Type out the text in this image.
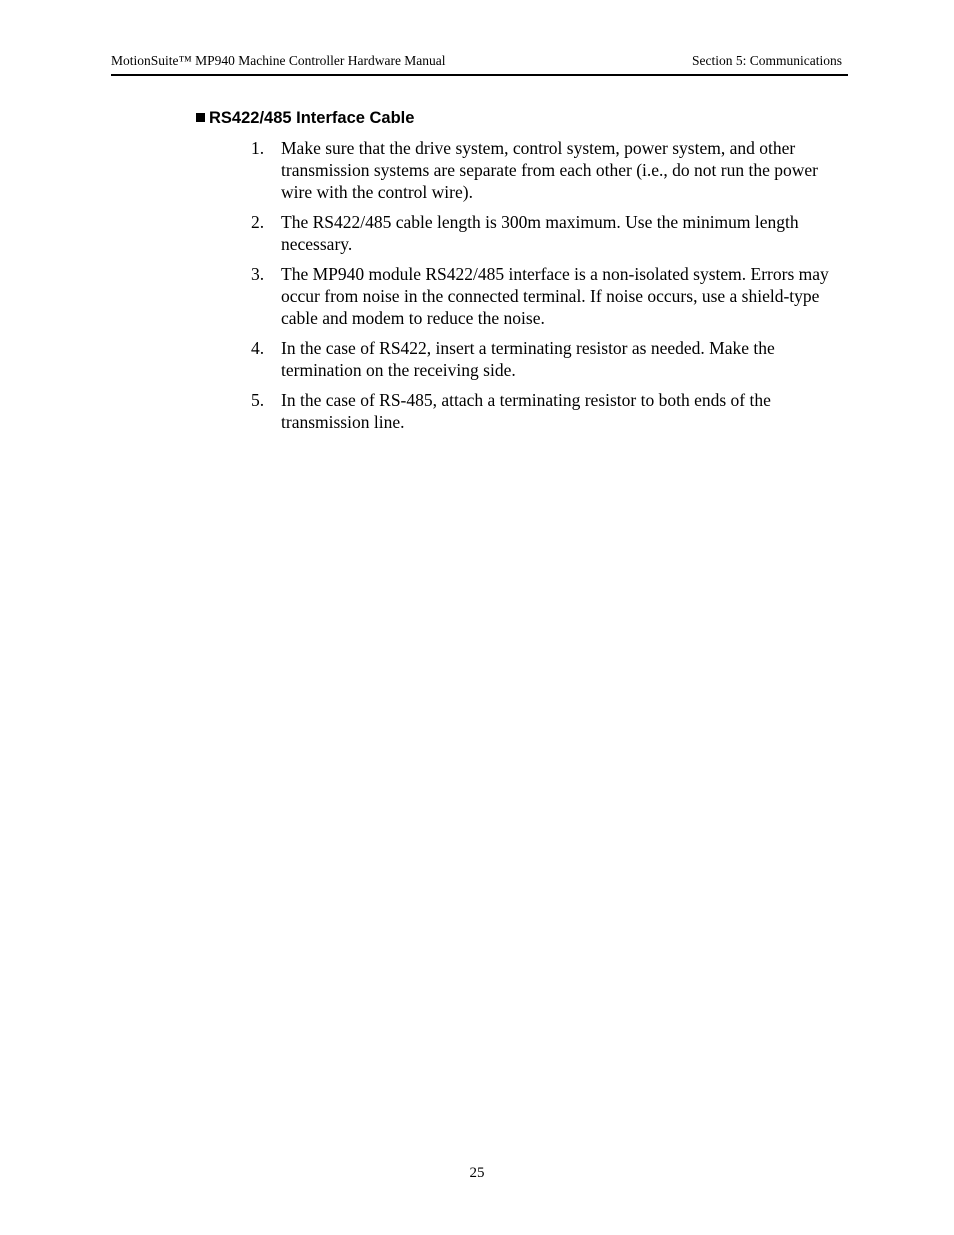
MotionSuite™ MP940 Machine Controller Hardware Manual	Section 5: Communications
RS422/485 Interface Cable
1. Make sure that the drive system, control system, power system, and other transmission systems are separate from each other (i.e., do not run the power wire with the control wire).
2. The RS422/485 cable length is 300m maximum. Use the minimum length necessary.
3. The MP940 module RS422/485 interface is a non-isolated system. Errors may occur from noise in the connected terminal. If noise occurs, use a shield-type cable and modem to reduce the noise.
4. In the case of RS422, insert a terminating resistor as needed. Make the termination on the receiving side.
5. In the case of RS-485, attach a terminating resistor to both ends of the transmission line.
25
